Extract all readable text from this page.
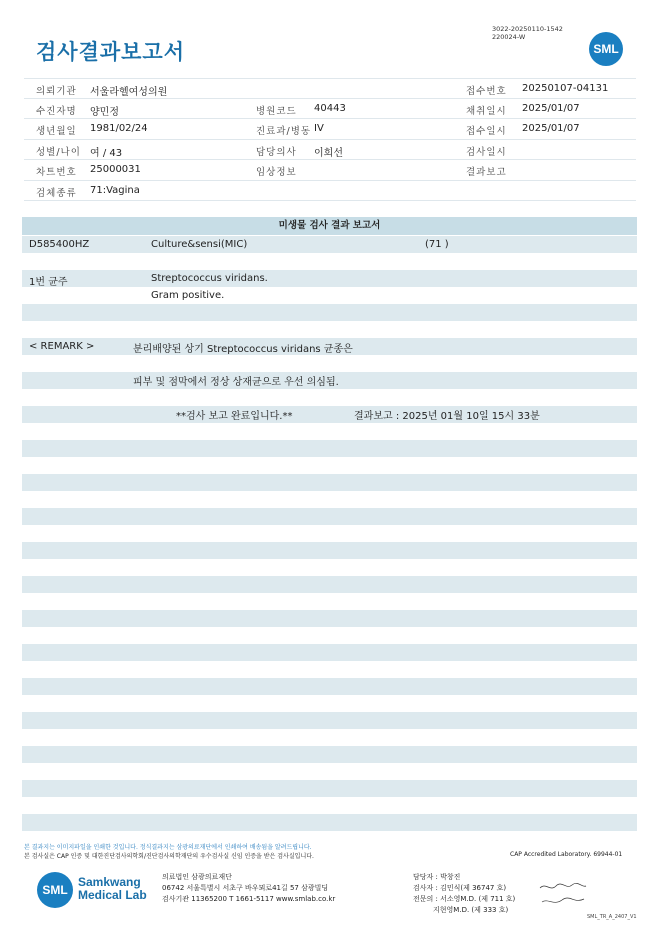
검사결과보고서
3022-20250110-1542
220024-W
SML
의뢰기관 서울라헬여성의원	접수번호 20250107-04131
수진자명 양민정	병원코드 40443	채취일시 2025/01/07
생년월일 1981/02/24	진료과/병동 IV	접수일시 2025/01/07
성별/나이 여 / 43	담당의사 이희선	검사일시
차트번호 25000031	임상정보	결과보고
검체종류 71:Vagina
미생물 검사 결과 보고서
D585400HZ	Culture&sensi(MIC)	(71 )
1번 균주	Streptococcus viridans.
Gram positive.
< REMARK >	분리배양된 상기 Streptococcus viridans 균종은
피부 및 점막에서 정상 상재균으로 우선 의심됨.
**검사 보고 완료입니다.**	결과보고 : 2025년 01월 10일 15시 33분
본 결과지는 이미지파일을 인쇄한 것입니다. 정식결과지는 삼광의료재단에서 인쇄하여 배송됨을 알려드립니다.
본 검사실은 CAP 인증 및 대한진단검사의학회/진단검사의학재단의 우수검사실 신임 인증을 받은 검사실입니다.	CAP Accredited Laboratory. 69944-01
SML
Samkwang
Medical Lab
의료법인 삼광의료재단
06742 서울특별시 서초구 바우뫼로41길 57 삼광빌딩
검사기관 11365200 T 1661-5117 www.smlab.co.kr
담당자 : 박창진
검사자 : 김민식(제 36747 호)
전문의 : 서소영M.D. (제 711 호)
지현영M.D. (제 333 호)
SML_TR_A_2407_V1
